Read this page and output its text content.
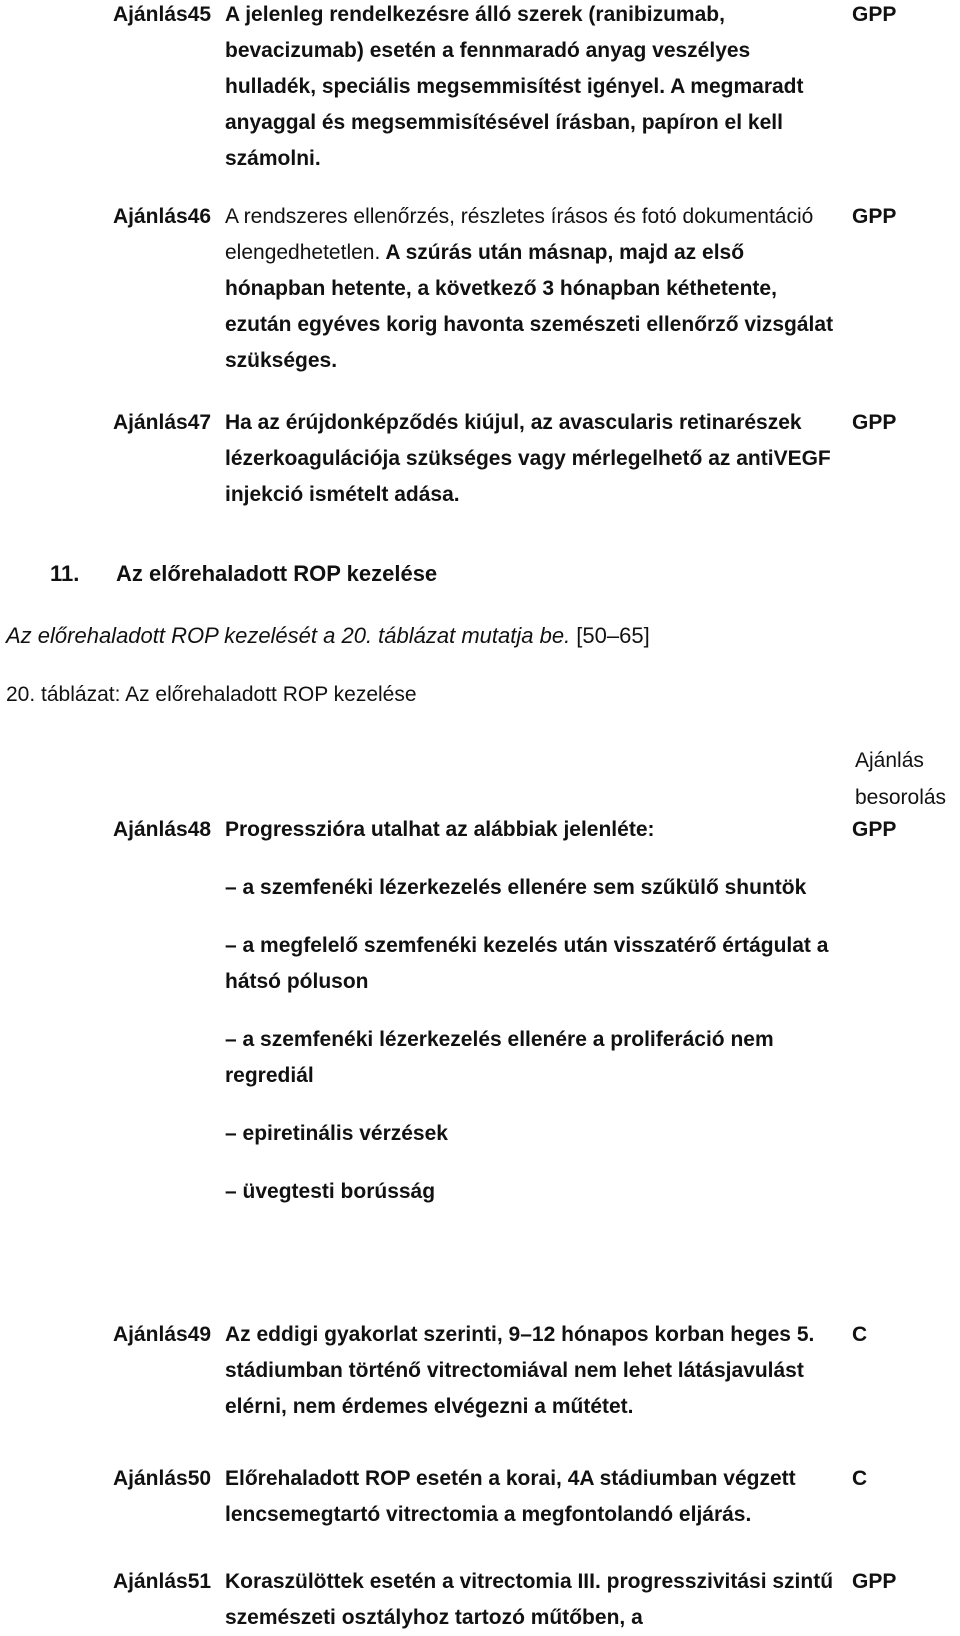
Ajánlás45 A jelenleg rendelkezésre álló szerek (ranibizumab, bevacizumab) esetén a fennmaradó anyag veszélyes hulladék, speciális megsemmisítést igényel. A megmaradt anyaggal és megsemmisítésével írásban, papíron el kell számolni.
GPP
Ajánlás46 A rendszeres ellenőrzés, részletes írásos és fotó dokumentáció elengedhetetlen. A szúrás után másnap, majd az első hónapban hetente, a következő 3 hónapban kéthetente, ezután egyéves korig havonta szemészeti ellenőrző vizsgálat szükséges.
GPP
Ajánlás47 Ha az érújdonképződés kiújul, az avascularis retinarészek lézerkoagulációja szükséges vagy mérlegelhető az antiVEGF injekció ismételt adása.
GPP
11. Az előrehaladott ROP kezelése
Az előrehaladott ROP kezelését a 20. táblázat mutatja be. [50–65]
20. táblázat: Az előrehaladott ROP kezelése
Ajánlás
besorolás
Ajánlás48 Progresszióra utalhat az alábbiak jelenléte:

– a szemfenéki lézerkezelés ellenére sem szűkülő shuntök

– a megfelelő szemfenéki kezelés után visszatérő értágulat a hátsó póluson

– a szemfenéki lézerkezelés ellenére a proliferáció nem regrediál

– epiretinális vérzések

– üvegtesti borússág

GPP
Ajánlás49 Az eddigi gyakorlat szerinti, 9–12 hónapos korban heges 5. stádiumban történő vitrectomiával nem lehet látásjavulást elérni, nem érdemes elvégezni a műtétet.
C
Ajánlás50 Előrehaladott ROP esetén a korai, 4A stádiumban végzett lencsemegtartó vitrectomia a megfontolandó eljárás.
C
Ajánlás51 Koraszülöttek esetén a vitrectomia III. progresszivitási szintű szemészeti osztályhoz tartozó műtőben, a
GPP
